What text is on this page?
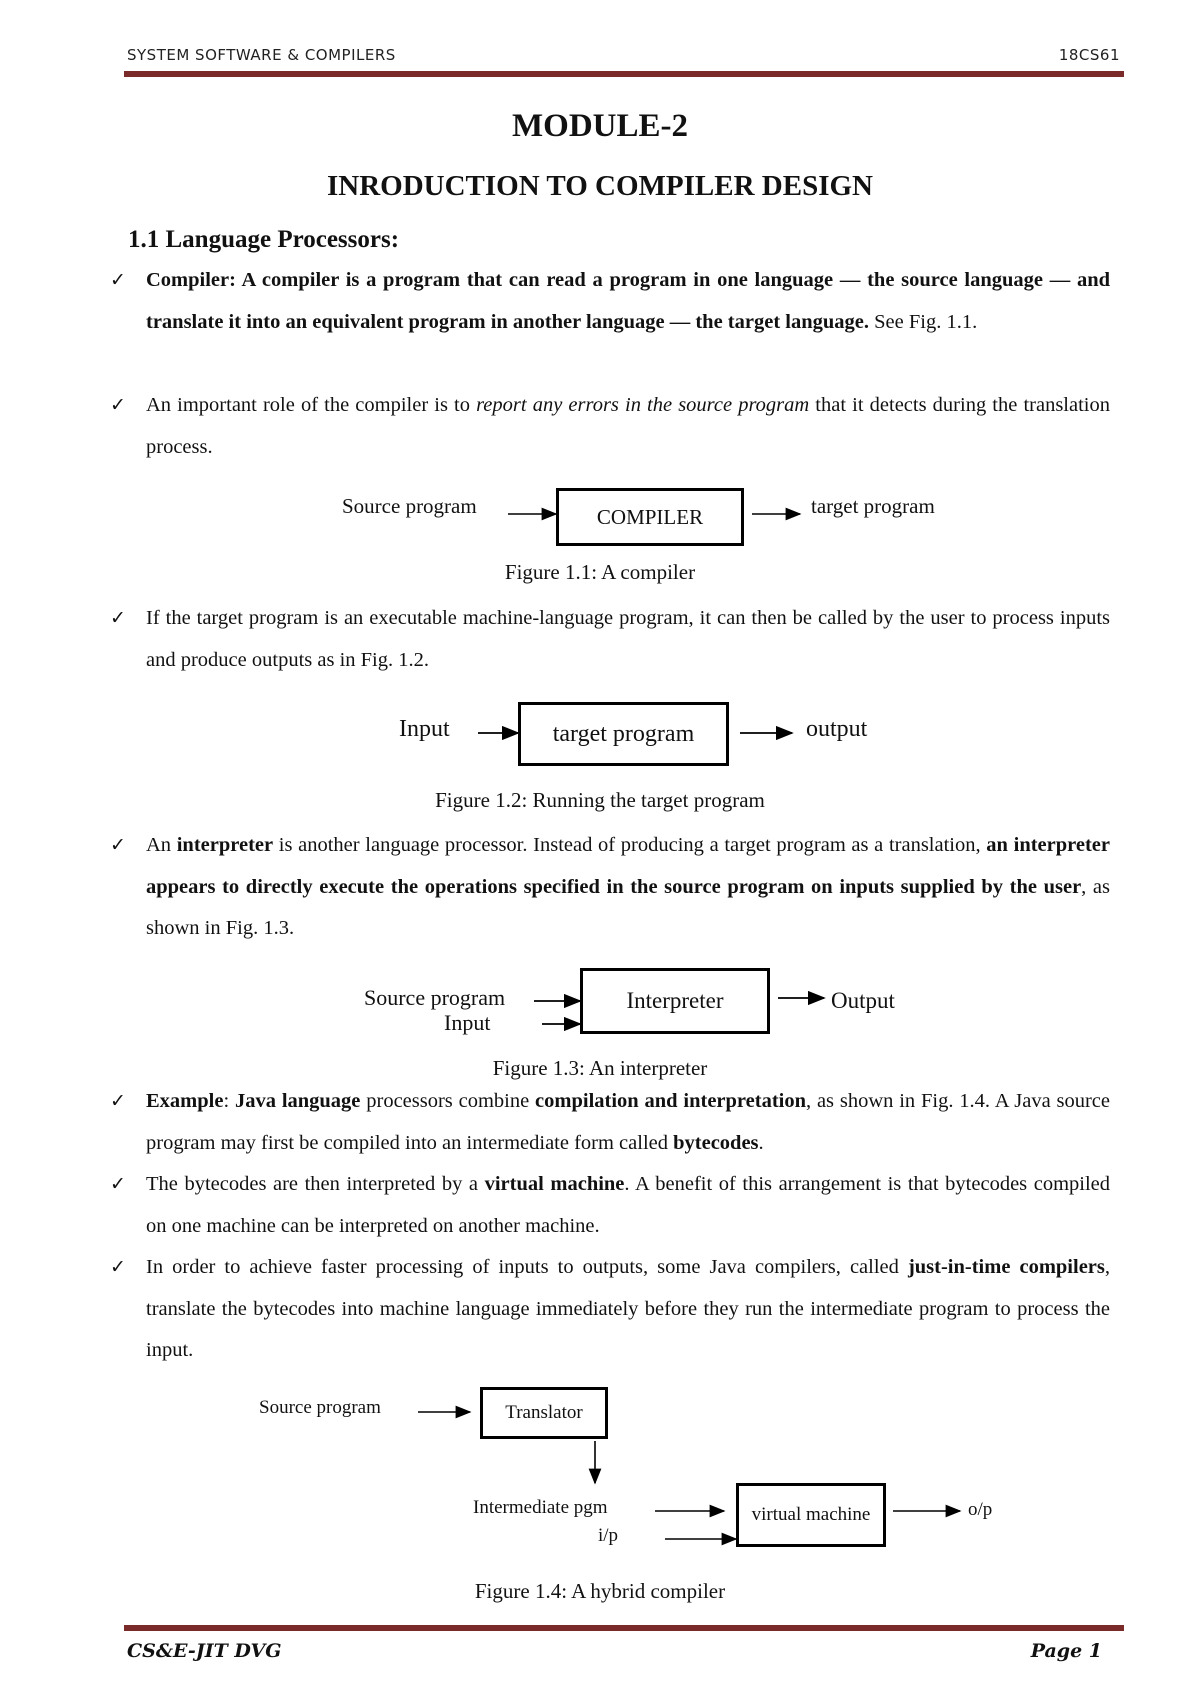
SYSTEM SOFTWARE & COMPILERS	18CS61
MODULE-2
INRODUCTION TO COMPILER DESIGN
1.1 Language Processors:
✓ Compiler: A compiler is a program that can read a program in one language — the source language — and translate it into an equivalent program in another language — the target language. See Fig. 1.1.
✓ An important role of the compiler is to report any errors in the source program that it detects during the translation process.
Source program	COMPILER	target program
Figure 1.1: A compiler
✓ If the target program is an executable machine-language program, it can then be called by the user to process inputs and produce outputs as in Fig. 1.2.
Input	target program	output
Figure 1.2: Running the target program
✓ An interpreter is another language processor. Instead of producing a target program as a translation, an interpreter appears to directly execute the operations specified in the source program on inputs supplied by the user, as shown in Fig. 1.3.
Source program
Input
Interpreter	Output
Figure 1.3: An interpreter
✓ Example: Java language processors combine compilation and interpretation, as shown in Fig. 1.4. A Java source program may first be compiled into an intermediate form called bytecodes.
✓ The bytecodes are then interpreted by a virtual machine. A benefit of this arrangement is that bytecodes compiled on one machine can be interpreted on another machine.
✓ In order to achieve faster processing of inputs to outputs, some Java compilers, called just-in-time compilers, translate the bytecodes into machine language immediately before they run the intermediate program to process the input.
Source program	Translator
Intermediate pgm
i/p
virtual machine	o/p
Figure 1.4: A hybrid compiler
CS&E-JIT DVG	Page 1
